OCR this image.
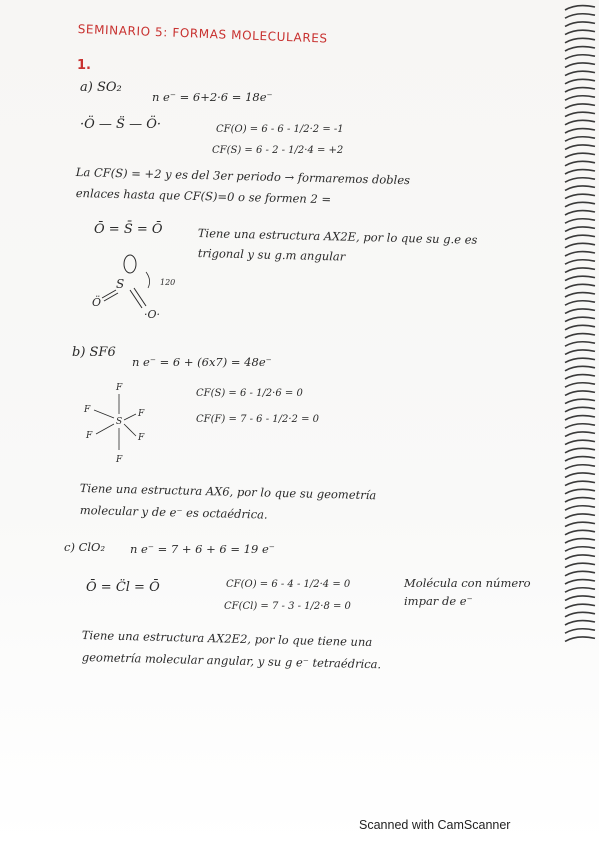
SEMINARIO 5: FORMAS MOLECULARES
1.
a) SO₂
n e⁻ = 6+2·6 = 18e⁻
·Ö — S̈ — Ö·	CF(O) = 6 - 6 - 1/2·2 = -1
CF(S) = 6 - 2 - 1/2·4 = +2
La CF(S) = +2 y es del 3er periodo → formaremos dobles
enlaces hasta que CF(S)=0 o se formen 2 =
Ō = S̄ = Ō	Tiene una estructura AX2E, por lo que su g.e es
trigonal y su g.m angular
S
Ö
·O·
120
b) SF6
n e⁻ = 6 + (6x7) = 48e⁻
CF(S) = 6 - 1/2·6 = 0
CF(F) = 7 - 6 - 1/2·2 = 0
F
F	F
S
F	F
F
Tiene una estructura AX6, por lo que su geometría
molecular y de e⁻ es octaédrica.
c) ClO₂ n e⁻ = 7 + 6 + 6 = 19 e⁻
Ō = C̈l = Ō	CF(O) = 6 - 4 - 1/2·4 = 0
CF(Cl) = 7 - 3 - 1/2·8 = 0
Molécula con número
impar de e⁻
Tiene una estructura AX2E2, por lo que tiene una
geometría molecular angular, y su g e⁻ tetraédrica.
Scanned with CamScanner
